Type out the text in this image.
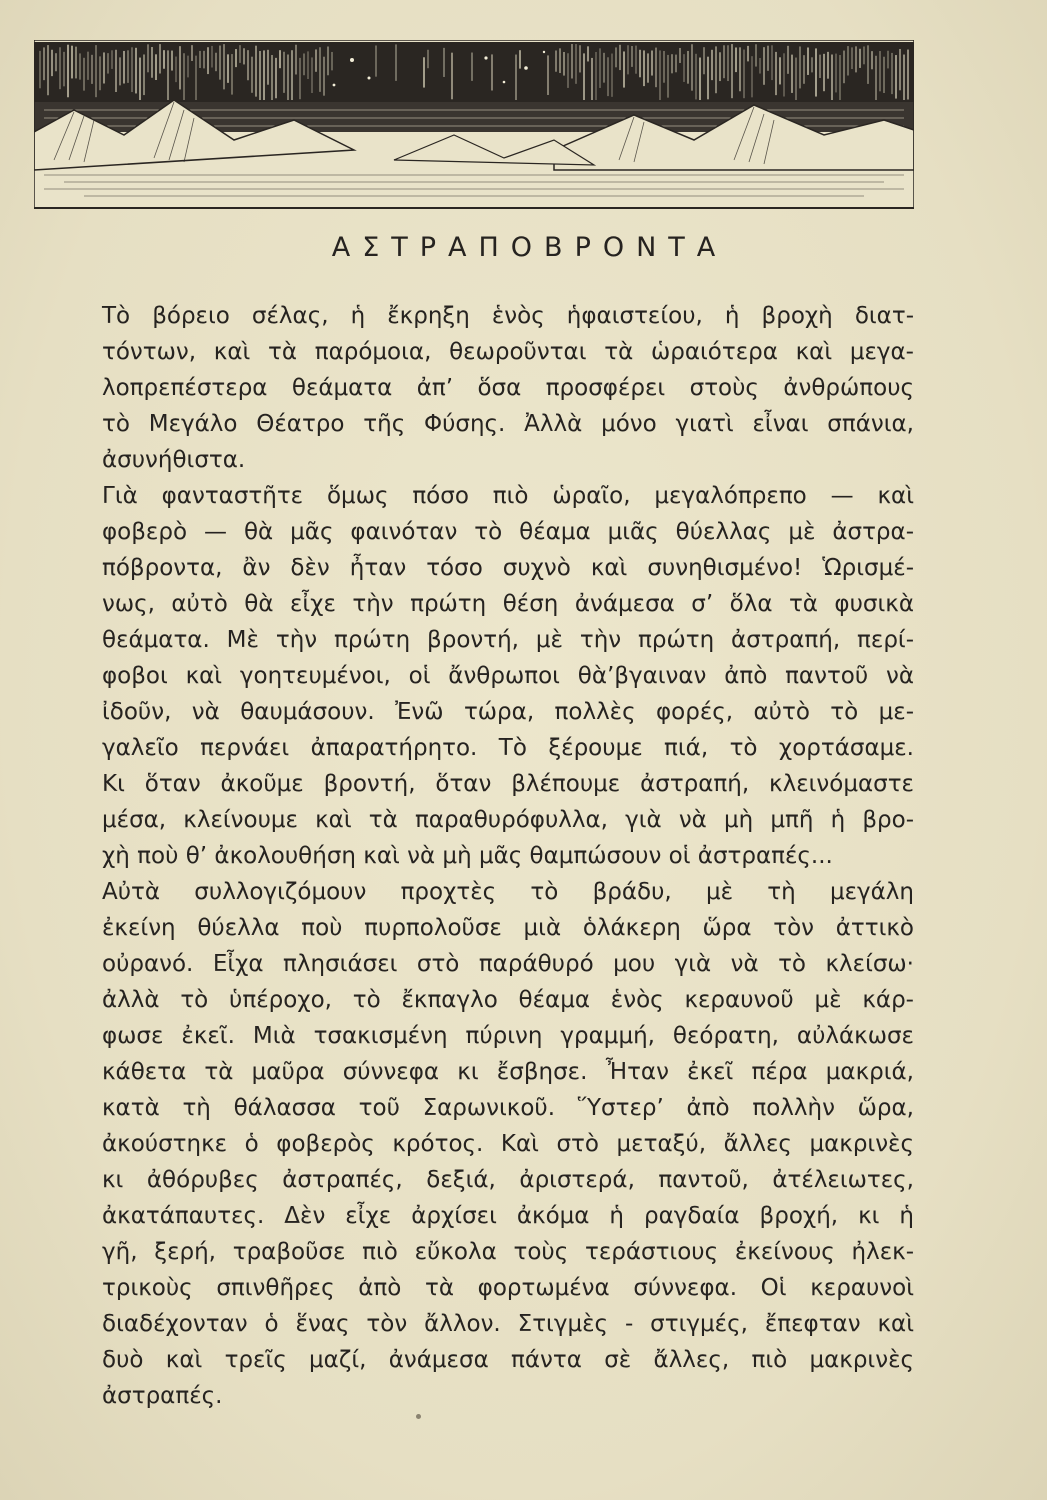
ΑΣΤΡΑΠΟΒΡΟΝΤΑ
Τὸ βόρειο σέλας, ἡ ἔκρηξη ἑνὸς ἡφαιστείου, ἡ βροχὴ διατ-
τόντων, καὶ τὰ παρόμοια, θεωροῦνται τὰ ὡραιότερα καὶ μεγα-
λοπρεπέστερα θεάματα ἀπ’ ὅσα προσφέρει στοὺς ἀνθρώπους
τὸ Μεγάλο Θέατρο τῆς Φύσης. Ἀλλὰ μόνο γιατὶ εἶναι σπάνια,
ἀσυνήθιστα.
Γιὰ φανταστῆτε ὅμως πόσο πιὸ ὡραῖο, μεγαλόπρεπο — καὶ
φοβερὸ — θὰ μᾶς φαινόταν τὸ θέαμα μιᾶς θύελλας μὲ ἀστρα-
πόβροντα, ἂν δὲν ἦταν τόσο συχνὸ καὶ συνηθισμένο! Ὡρισμέ-
νως, αὐτὸ θὰ εἶχε τὴν πρώτη θέση ἀνάμεσα σ’ ὅλα τὰ φυσικὰ
θεάματα. Μὲ τὴν πρώτη βροντή, μὲ τὴν πρώτη ἀστραπή, περί-
φοβοι καὶ γοητευμένοι, οἱ ἄνθρωποι θὰ’βγαιναν ἀπὸ παντοῦ νὰ
ἰδοῦν, νὰ θαυμάσουν. Ἐνῶ τώρα, πολλὲς φορές, αὐτὸ τὸ με-
γαλεῖο περνάει ἀπαρατήρητο. Τὸ ξέρουμε πιά, τὸ χορτάσαμε.
Κι ὅταν ἀκοῦμε βροντή, ὅταν βλέπουμε ἀστραπή, κλεινόμαστε
μέσα, κλείνουμε καὶ τὰ παραθυρόφυλλα, γιὰ νὰ μὴ μπῆ ἡ βρο-
χὴ ποὺ θ’ ἀκολουθήση καὶ νὰ μὴ μᾶς θαμπώσουν οἱ ἀστραπές...
Αὐτὰ συλλογιζόμουν προχτὲς τὸ βράδυ, μὲ τὴ μεγάλη
ἐκείνη θύελλα ποὺ πυρπολοῦσε μιὰ ὁλάκερη ὥρα τὸν ἀττικὸ
οὐρανό. Εἶχα πλησιάσει στὸ παράθυρό μου γιὰ νὰ τὸ κλείσω·
ἀλλὰ τὸ ὑπέροχο, τὸ ἔκπαγλο θέαμα ἑνὸς κεραυνοῦ μὲ κάρ-
φωσε ἐκεῖ. Μιὰ τσακισμένη πύρινη γραμμή, θεόρατη, αὐλάκωσε
κάθετα τὰ μαῦρα σύννεφα κι ἔσβησε. Ἦταν ἐκεῖ πέρα μακριά,
κατὰ τὴ θάλασσα τοῦ Σαρωνικοῦ. Ὕστερ’ ἀπὸ πολλὴν ὥρα,
ἀκούστηκε ὁ φοβερὸς κρότος. Καὶ στὸ μεταξύ, ἄλλες μακρινὲς
κι ἀθόρυβες ἀστραπές, δεξιά, ἀριστερά, παντοῦ, ἀτέλειωτες,
ἀκατάπαυτες. Δὲν εἶχε ἀρχίσει ἀκόμα ἡ ραγδαία βροχή, κι ἡ
γῆ, ξερή, τραβοῦσε πιὸ εὔκολα τοὺς τεράστιους ἐκείνους ἠλεκ-
τρικοὺς σπινθῆρες ἀπὸ τὰ φορτωμένα σύννεφα. Οἱ κεραυνοὶ
διαδέχονταν ὁ ἕνας τὸν ἄλλον. Στιγμὲς - στιγμές, ἔπεφταν καὶ
δυὸ καὶ τρεῖς μαζί, ἀνάμεσα πάντα σὲ ἄλλες, πιὸ μακρινὲς
ἀστραπές.
